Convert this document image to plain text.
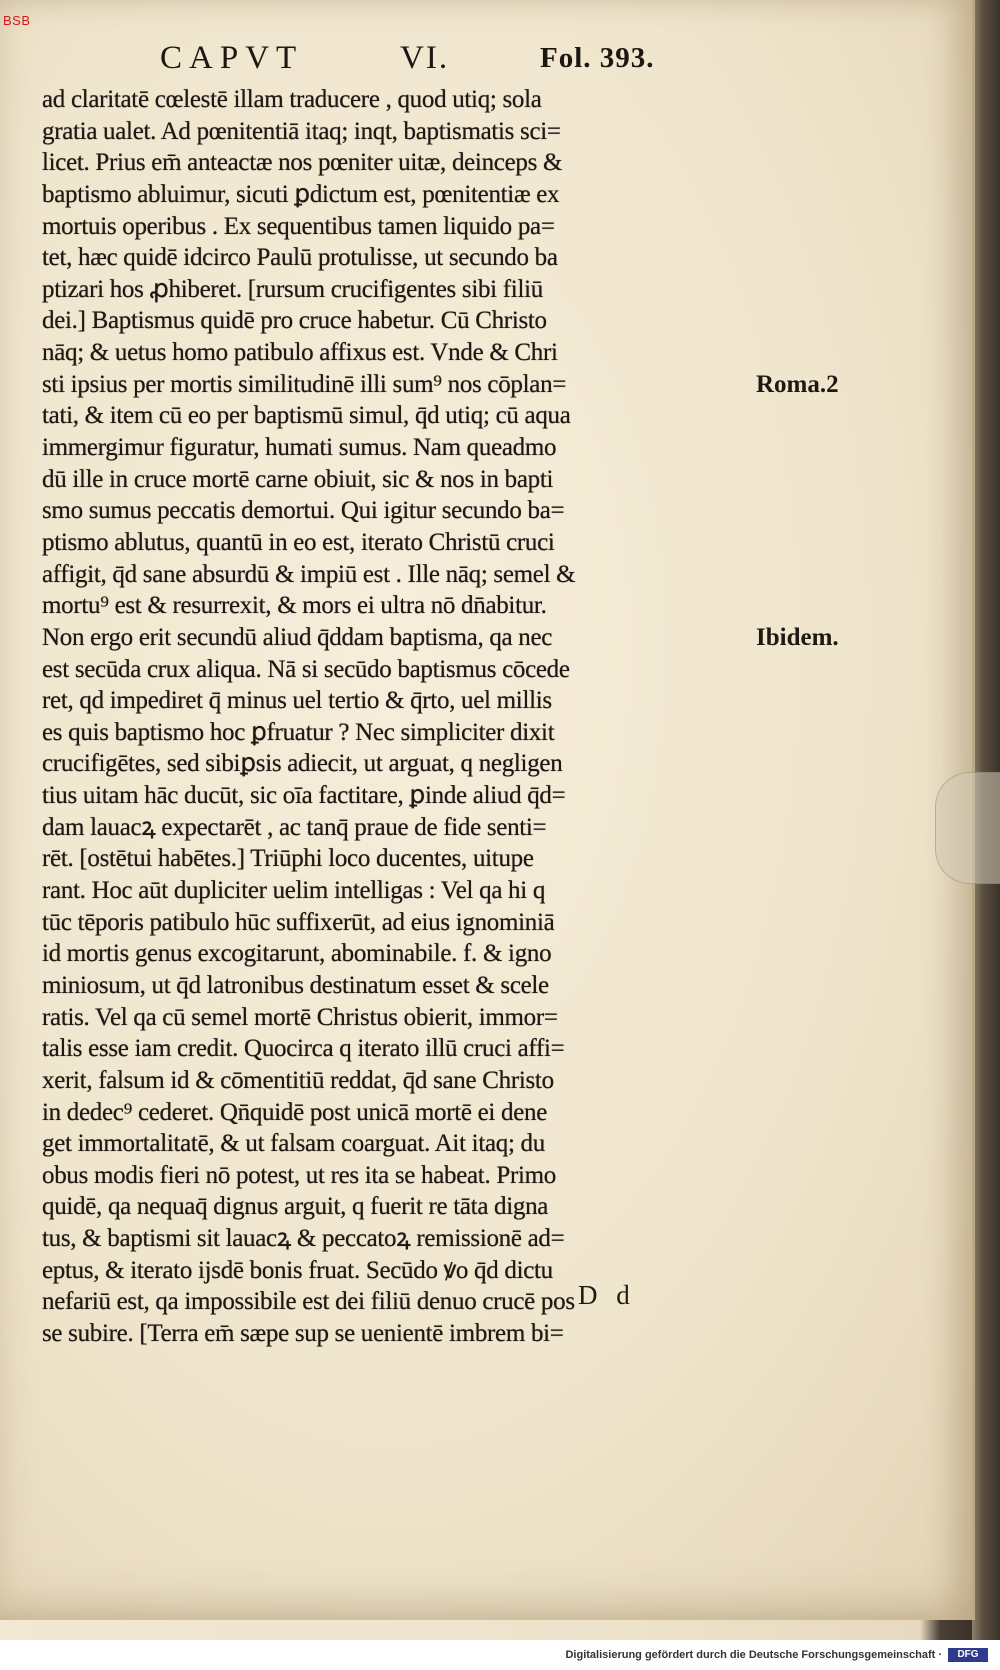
BSB
CAPVT	VI.	Fol. 393.
ad claritatē cœlestē illam traducere , quod utiq; sola
gratia ualet. Ad pœnitentiā itaq; inqt, baptismatis sci=
licet. Prius em̄ anteactæ nos pœniter uitæ, deinceps &
baptismo abluimur, sicuti ꝑdictum est, pœnitentiæ ex
mortuis operibus . Ex sequentibus tamen liquido pa=
tet, hæc quidē idcirco Paulū protulisse, ut secundo ba
ptizari hos ꝓhiberet. [rursum crucifigentes sibi filiū
dei.] Baptismus quidē pro cruce habetur. Cū Christo
nāq; & uetus homo patibulo affixus est. Vnde & Chri
sti ipsius per mortis similitudinē illi sum⁹ nos cōplan=
tati, & item cū eo per baptismū simul, q̄d utiq; cū aqua
immergimur figuratur, humati sumus. Nam queadmo
dū ille in cruce mortē carne obiuit, sic & nos in bapti
smo sumus peccatis demortui. Qui igitur secundo ba=
ptismo ablutus, quantū in eo est, iterato Christū cruci
affigit, q̄d sane absurdū & impiū est . Ille nāq; semel &
mortu⁹ est & resurrexit, & mors ei ultra nō dn̄abitur.
Non ergo erit secundū aliud q̄ddam baptisma, qa nec
est secūda crux aliqua. Nā si secūdo baptismus cōcede
ret, qd impediret q̄ minus uel tertio & q̄rto, uel millis
es quis baptismo hoc ꝑfruatur ? Nec simpliciter dixit
crucifigētes, sed sibiꝑsis adiecit, ut arguat, q negligen
tius uitam hāc ducūt, sic oīa factitare, ꝑinde aliud q̄d=
dam lauacꝝ expectarēt , ac tanq̄ praue de fide senti=
rēt. [ostētui habētes.] Triūphi loco ducentes, uitupe
rant. Hoc aūt dupliciter uelim intelligas : Vel qa hi q
tūc tēporis patibulo hūc suffixerūt, ad eius ignominiā
id mortis genus excogitarunt, abominabile. f. & igno
miniosum, ut q̄d latronibus destinatum esset & scele
ratis. Vel qa cū semel mortē Christus obierit, immor=
talis esse iam credit. Quocirca q iterato illū cruci affi=
xerit, falsum id & cōmentitiū reddat, q̄d sane Christo
in dedec⁹ cederet. Qn̄quidē post unicā mortē ei dene
get immortalitatē, & ut falsam coarguat. Ait itaq; du
obus modis fieri nō potest, ut res ita se habeat. Primo
quidē, qa nequaq̄ dignus arguit, q fuerit re tāta digna
tus, & baptismi sit lauacꝝ & peccatoꝝ remissionē ad=
eptus, & iterato ijsdē bonis fruat. Secūdo ꝟo q̄d dictu
nefariū est, qa impossibile est dei filiū denuo crucē pos
se subire. [Terra em̄ sæpe sup se uenientē imbrem bi=
Roma.2
Ibidem.
D d
Digitalisierung gefördert durch die Deutsche Forschungsgemeinschaft ·	DFG
